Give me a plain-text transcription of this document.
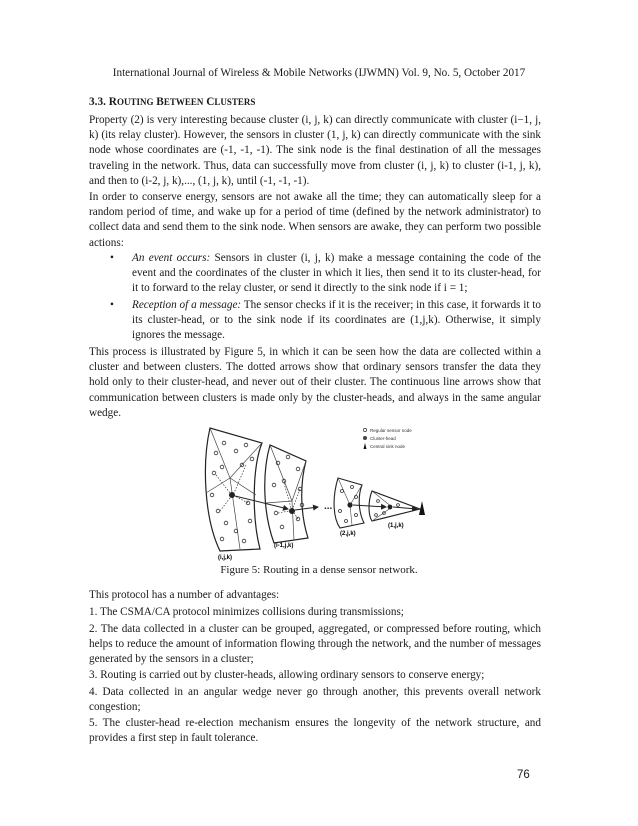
International Journal of Wireless & Mobile Networks (IJWMN) Vol. 9, No. 5, October 2017
3.3. ROUTING BETWEEN CLUSTERS

Property (2) is very interesting because cluster (i, j, k) can directly communicate with cluster (i−1, j, k) (its relay cluster). However, the sensors in cluster (1, j, k) can directly communicate with the sink node whose coordinates are (-1, -1, -1). The sink node is the final destination of all the messages traveling in the network. Thus, data can successfully move from cluster (i, j, k) to cluster (i-1, j, k), and then to (i-2, j, k),..., (1, j, k), until (-1, -1, -1).

In order to conserve energy, sensors are not awake all the time; they can automatically sleep for a random period of time, and wake up for a period of time (defined by the network administrator) to collect data and send them to the sink node. When sensors are awake, they can perform two possible actions:

• An event occurs: Sensors in cluster (i, j, k) make a message containing the code of the event and the coordinates of the cluster in which it lies, then send it to its cluster-head, for it to forward to the relay cluster, or send it directly to the sink node if i = 1;
• Reception of a message: The sensor checks if it is the receiver; in this case, it forwards it to its cluster-head, or to the sink node if its coordinates are (1,j,k). Otherwise, it simply ignores the message.

This process is illustrated by Figure 5, in which it can be seen how the data are collected within a cluster and between clusters. The dotted arrows show that ordinary sensors transfer the data they hold only to their cluster-head, and never out of their cluster. The continuous line arrows show that communication between clusters is made only by the cluster-heads, and always in the same angular wedge.

...
Regular sensor node
Cluster-head
Central sink node
(i,j,k)
(i-1,j,k)
(2,j,k)
(1,j,k)
Figure 5: Routing in a dense sensor network.

This protocol has a number of advantages:

1. The CSMA/CA protocol minimizes collisions during transmissions;

2. The data collected in a cluster can be grouped, aggregated, or compressed before routing, which helps to reduce the amount of information flowing through the network, and the number of messages generated by the sensors in a cluster;

3. Routing is carried out by cluster-heads, allowing ordinary sensors to conserve energy;

4. Data collected in an angular wedge never go through another, this prevents overall network congestion;

5. The cluster-head re-election mechanism ensures the longevity of the network structure, and provides a first step in fault tolerance.

76
